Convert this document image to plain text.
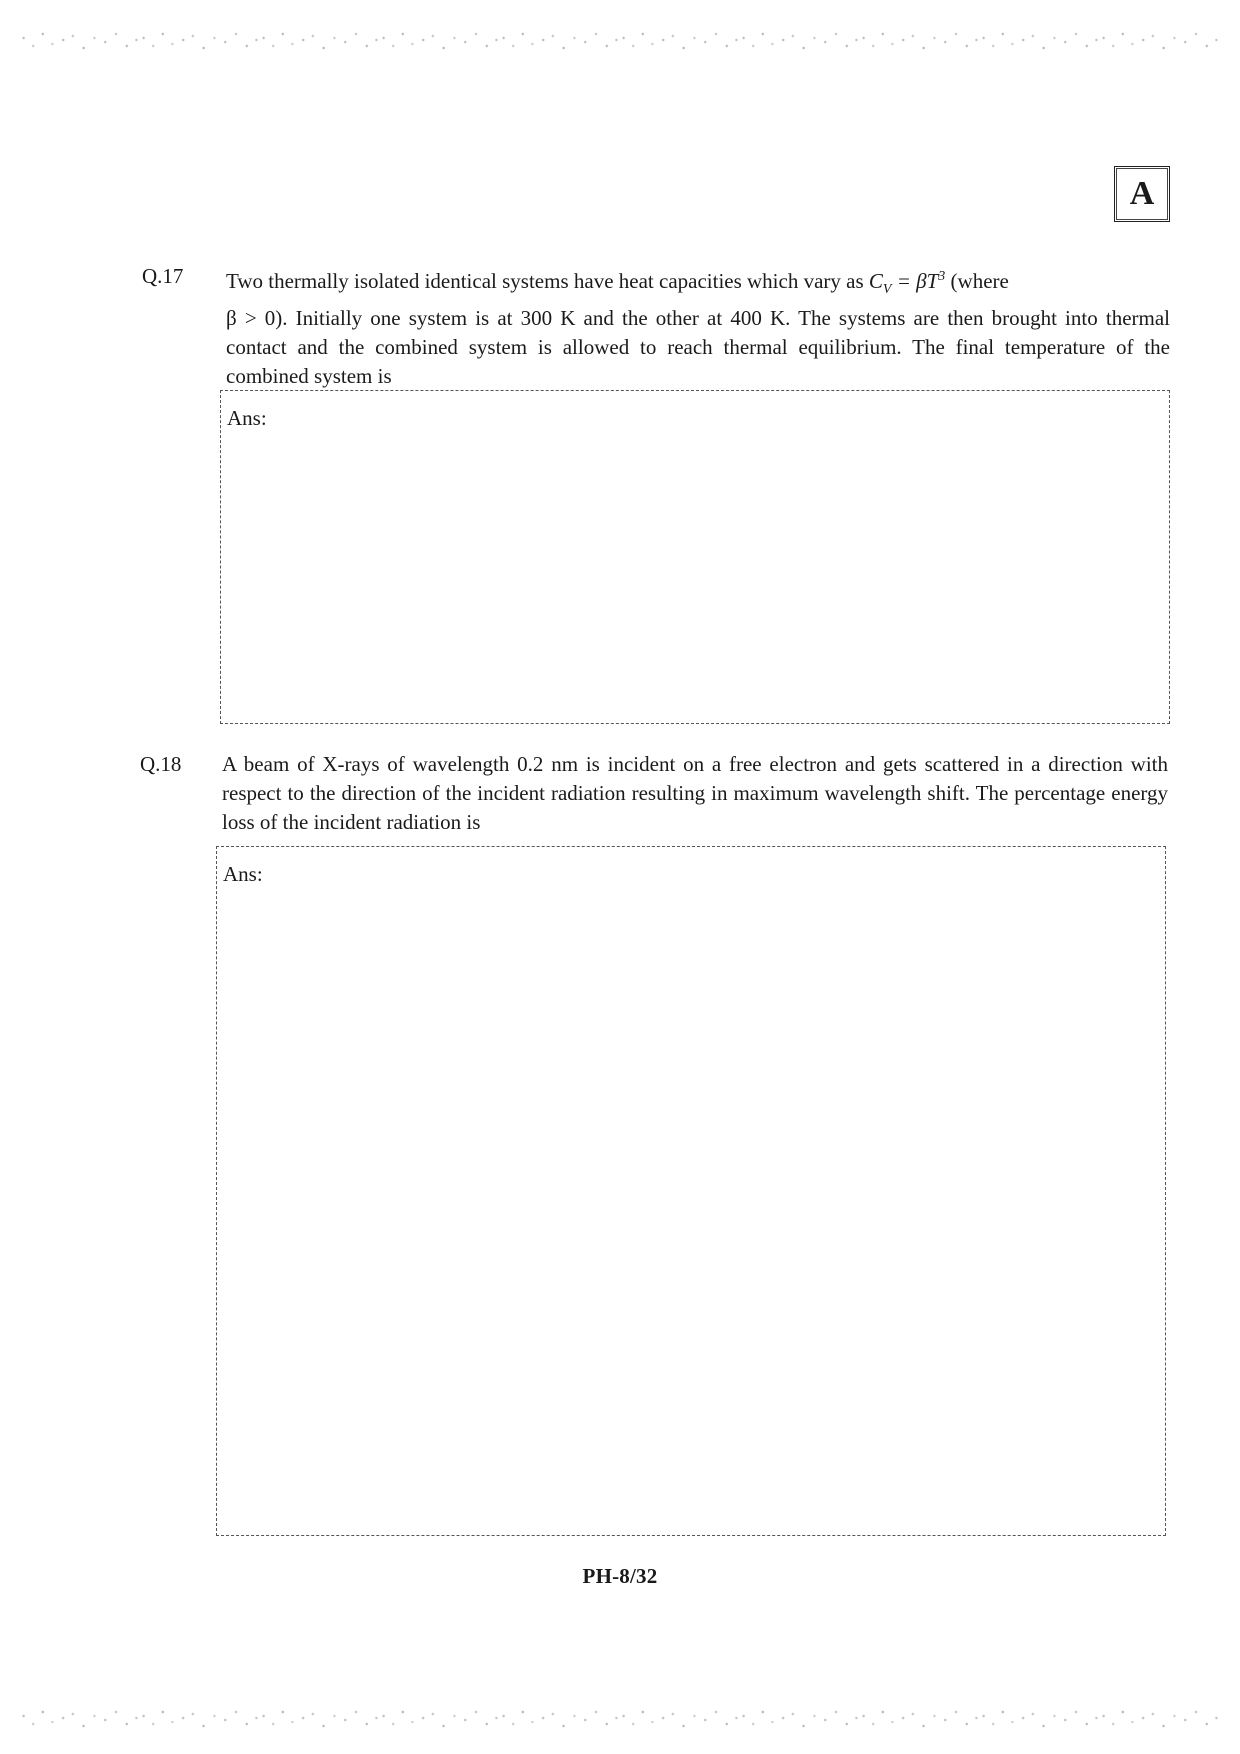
A
Q.17 Two thermally isolated identical systems have heat capacities which vary as $C_V = \beta T^3$ (where
β > 0). Initially one system is at 300 K and the other at 400 K. The systems are then brought into thermal contact and the combined system is allowed to reach thermal equilibrium. The final temperature of the combined system is
Ans:
Q.18 A beam of X-rays of wavelength 0.2 nm is incident on a free electron and gets scattered in a direction with respect to the direction of the incident radiation resulting in maximum wavelength shift. The percentage energy loss of the incident radiation is
Ans:
PH-8/32
